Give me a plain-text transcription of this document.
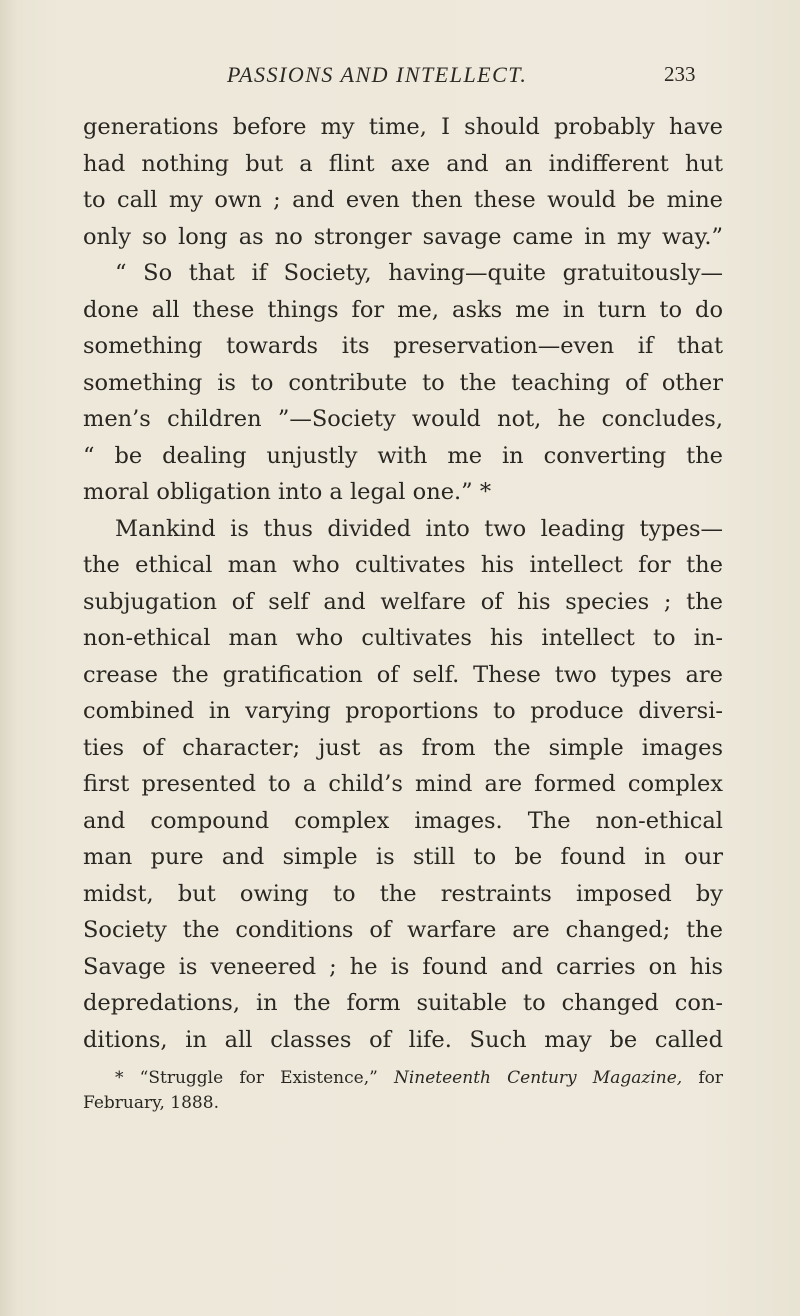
PASSIONS AND INTELLECT.	233
generations before my time, I should probably have
had nothing but a flint axe and an indifferent hut
to call my own ; and even then these would be mine
only so long as no stronger savage came in my way.”
“ So that if Society, having—quite gratuitously—
done all these things for me, asks me in turn to do
something towards its preservation—even if that
something is to contribute to the teaching of other
men’s children ”—Society would not, he concludes,
“ be dealing unjustly with me in converting the
moral obligation into a legal one.” *
Mankind is thus divided into two leading types—
the ethical man who cultivates his intellect for the
subjugation of self and welfare of his species ; the
non-ethical man who cultivates his intellect to in-
crease the gratification of self. These two types are
combined in varying proportions to produce diversi-
ties of character; just as from the simple images
first presented to a child’s mind are formed complex
and compound complex images. The non-ethical
man pure and simple is still to be found in our
midst, but owing to the restraints imposed by
Society the conditions of warfare are changed; the
Savage is veneered ; he is found and carries on his
depredations, in the form suitable to changed con-
ditions, in all classes of life. Such may be called
* “Struggle for Existence,” Nineteenth Century Magazine, for
February, 1888.
